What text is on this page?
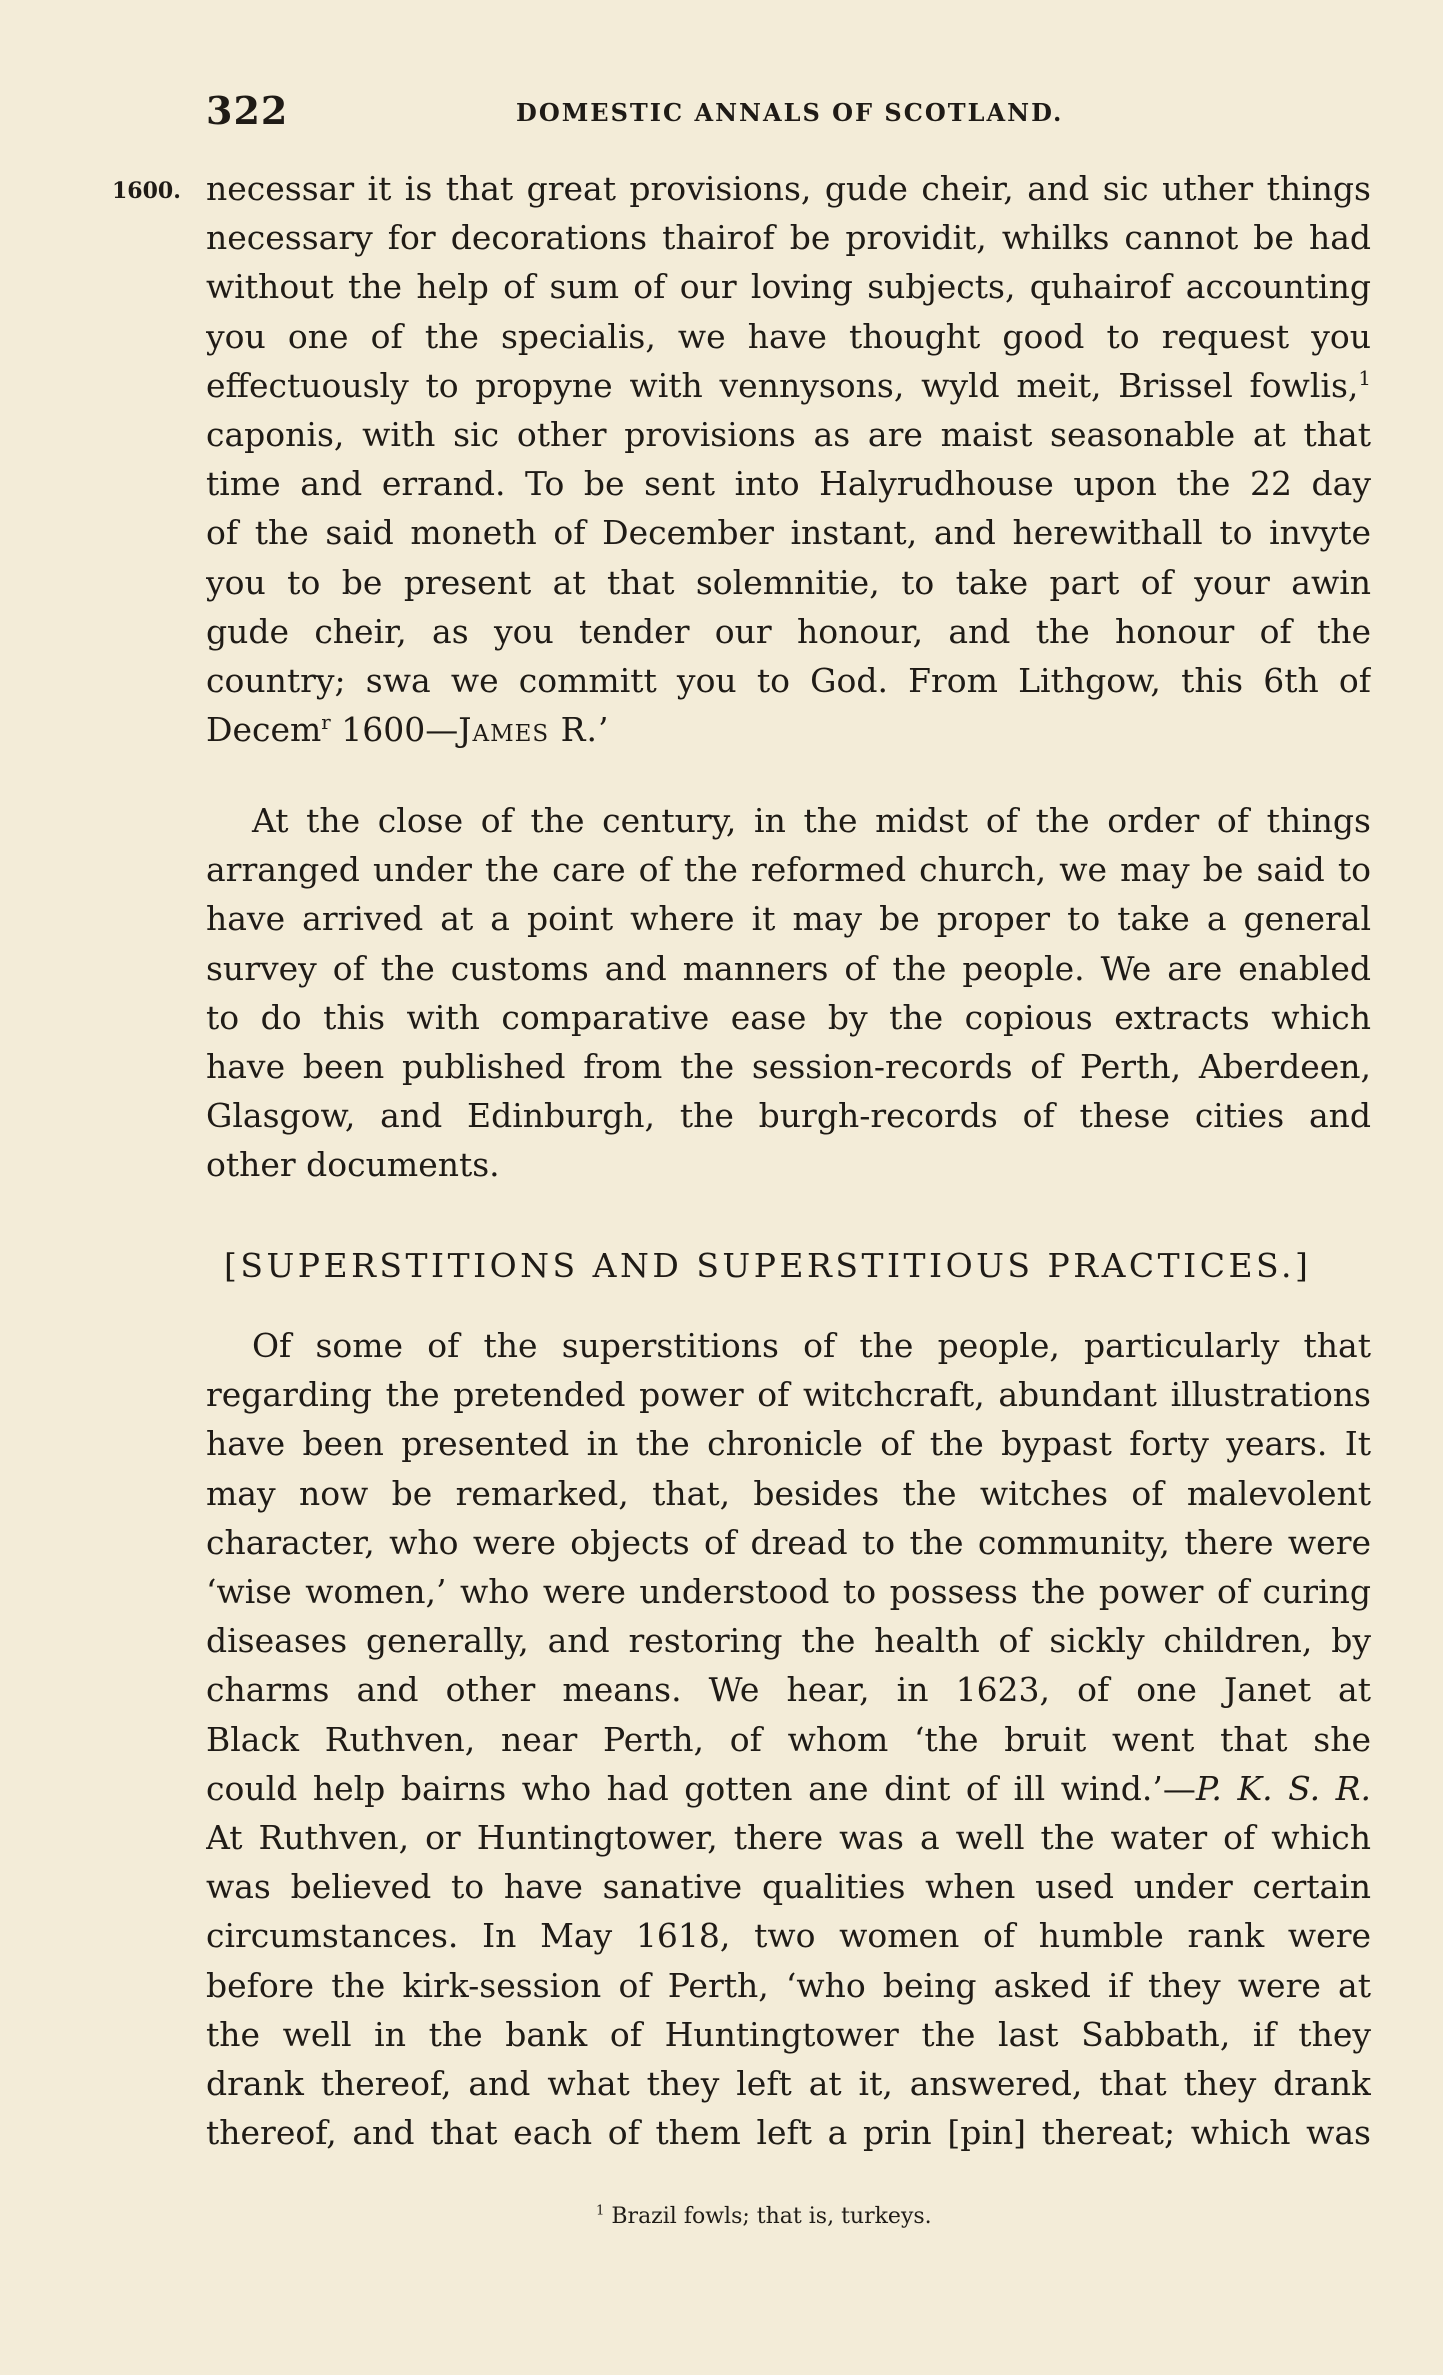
322	DOMESTIC ANNALS OF SCOTLAND.
1600. necessar it is that great provisions, gude cheir, and sic uther things
necessary for decorations thairof be providit, whilks cannot be had
without the help of sum of our loving subjects, quhairof accounting
you one of the specialis, we have thought good to request you
effectuously to propyne with vennysons, wyld meit, Brissel fowlis,$^1$
caponis, with sic other provisions as are maist seasonable at that
time and errand. To be sent into Halyrudhouse upon the 22 day
of the said moneth of December instant, and herewithall to invyte
you to be present at that solemnitie, to take part of your awin
gude cheir, as you tender our honour, and the honour of the
country; swa we committ you to God. From Lithgow, this 6th of
Decem$^r$ 1600—James R.’
At the close of the century, in the midst of the order of things
arranged under the care of the reformed church, we may be said to
have arrived at a point where it may be proper to take a general
survey of the customs and manners of the people. We are enabled
to do this with comparative ease by the copious extracts which
have been published from the session-records of Perth, Aberdeen,
Glasgow, and Edinburgh, the burgh-records of these cities and
other documents.
[SUPERSTITIONS AND SUPERSTITIOUS PRACTICES.]
Of some of the superstitions of the people, particularly that
regarding the pretended power of witchcraft, abundant illustrations
have been presented in the chronicle of the bypast forty years. It
may now be remarked, that, besides the witches of malevolent
character, who were objects of dread to the community, there were
‘wise women,’ who were understood to possess the power of curing
diseases generally, and restoring the health of sickly children, by
charms and other means. We hear, in 1623, of one Janet at
Black Ruthven, near Perth, of whom ‘the bruit went that she
could help bairns who had gotten ane dint of ill wind.’—P. K. S. R.
At Ruthven, or Huntingtower, there was a well the water of which
was believed to have sanative qualities when used under certain
circumstances. In May 1618, two women of humble rank were
before the kirk-session of Perth, ‘who being asked if they were at
the well in the bank of Huntingtower the last Sabbath, if they
drank thereof, and what they left at it, answered, that they drank
thereof, and that each of them left a prin [pin] thereat; which was
$^1$ Brazil fowls; that is, turkeys.
